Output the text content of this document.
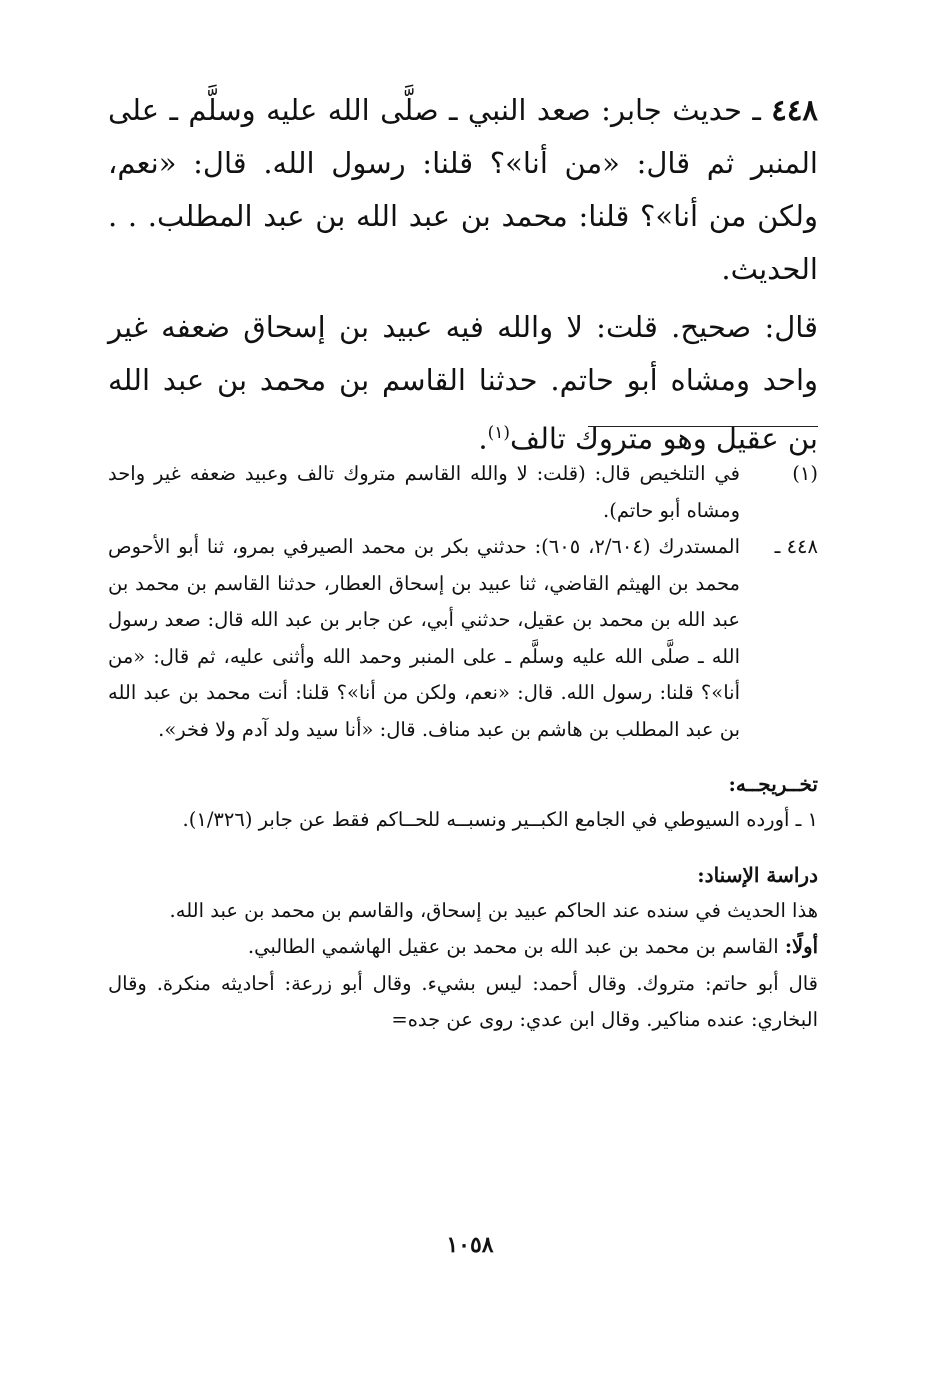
٤٤٨ ـ حديث جابر: صعد النبي ـ صلَّى الله عليه وسلَّم ـ على المنبر ثم قال: «من أنا»؟ قلنا: رسول الله. قال: «نعم، ولكن من أنا»؟ قلنا: محمد بن عبد الله بن عبد المطلب. . . الحديث.

قال: صحيح. قلت: لا والله فيه عبيد بن إسحاق ضعفه غير واحد ومشاه أبو حاتم. حدثنا القاسم بن محمد بن عبد الله بن عقيل وهو متروك تالف$^{(١)}$.

(١)
في التلخيص قال: (قلت: لا والله القاسم متروك تالف وعبيد ضعفه غير واحد ومشاه أبو حاتم).
٤٤٨ ـ
المستدرك (٢/٦٠٤، ٦٠٥): حدثني بكر بن محمد الصيرفي بمرو، ثنا أبو الأحوص محمد بن الهيثم القاضي، ثنا عبيد بن إسحاق العطار، حدثنا القاسم بن محمد بن عبد الله بن محمد بن عقيل، حدثني أبي، عن جابر بن عبد الله قال: صعد رسول الله ـ صلَّى الله عليه وسلَّم ـ على المنبر وحمد الله وأثنى عليه، ثم قال: «من أنا»؟ قلنا: رسول الله. قال: «نعم، ولكن من أنا»؟ قلنا: أنت محمد بن عبد الله بن عبد المطلب بن هاشم بن عبد مناف. قال: «أنا سيد ولد آدم ولا فخر».
تخــريجــه:

١ ـ أورده السيوطي في الجامع الكبــير ونسبــه للحــاكم فقط عن جابر (١/٣٢٦).

دراسة الإسناد:

هذا الحديث في سنده عند الحاكم عبيد بن إسحاق، والقاسم بن محمد بن عبد الله.

أولًا: القاسم بن محمد بن عبد الله بن محمد بن عقيل الهاشمي الطالبي.

قال أبو حاتم: متروك. وقال أحمد: ليس بشيء. وقال أبو زرعة: أحاديثه منكرة. وقال البخاري: عنده مناكير. وقال ابن عدي: روى عن جده=

١٠٥٨
